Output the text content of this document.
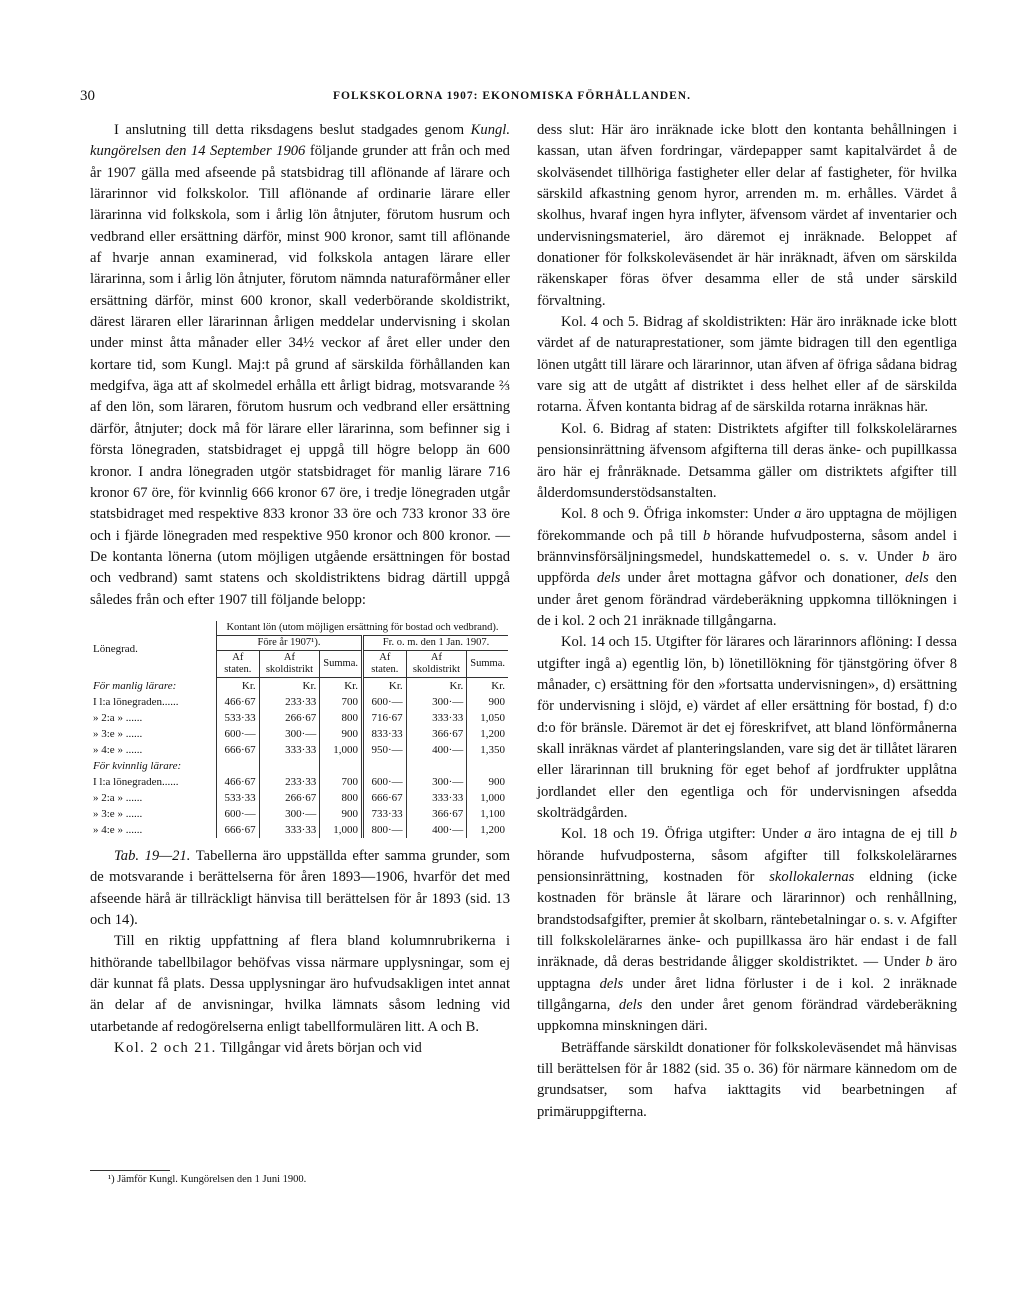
30	FOLKSKOLORNA 1907: EKONOMISKA FÖRHÅLLANDEN.

I anslutning till detta riksdagens beslut stadgades genom Kungl. kungörelsen den 14 September 1906 följande grunder att från och med år 1907 gälla med afseende på statsbidrag till aflönande af lärare och lärarinnor vid folkskolor. Till aflönande af ordinarie lärare eller lärarinna vid folkskola, som i årlig lön åtnjuter, förutom husrum och vedbrand eller ersättning därför, minst 900 kronor, samt till aflönande af hvarje annan examinerad, vid folkskola antagen lärare eller lärarinna, som i årlig lön åtnjuter, förutom nämnda naturaförmåner eller ersättning därför, minst 600 kronor, skall vederbörande skoldistrikt, därest läraren eller lärarinnan årligen meddelar undervisning i skolan under minst åtta månader eller 34½ veckor af året eller under den kortare tid, som Kungl. Maj:t på grund af särskilda förhållanden kan medgifva, äga att af skolmedel erhålla ett årligt bidrag, motsvarande ⅔ af den lön, som läraren, förutom husrum och vedbrand eller ersättning därför, åtnjuter; dock må för lärare eller lärarinna, som befinner sig i första lönegraden, statsbidraget ej uppgå till högre belopp än 600 kronor. I andra lönegraden utgör statsbidraget för manlig lärare 716 kronor 67 öre, för kvinnlig 666 kronor 67 öre, i tredje lönegraden utgår statsbidraget med respektive 833 kronor 33 öre och 733 kronor 33 öre och i fjärde lönegraden med respektive 950 kronor och 800 kronor. — De kontanta lönerna (utom möjligen utgående ersättningen för bostad och vedbrand) samt statens och skoldistriktens bidrag därtill uppgå således från och efter 1907 till följande belopp:

Lönegrad.	Kontant lön (utom möjligen ersättning för bostad och vedbrand).					
	Före år 1907¹).			Fr. o. m. den 1 Jan. 1907.		
	Af staten.	Af skoldistrikt	Summa.	Af staten.	Af skoldistrikt	Summa.
För manlig lärare:	Kr.	Kr.	Kr.	Kr.	Kr.	Kr.
I l:a lönegraden......	466·67	233·33	700	600·—	300·—	900
» 2:a » ......	533·33	266·67	800	716·67	333·33	1,050
» 3:e » ......	600·—	300·—	900	833·33	366·67	1,200
» 4:e » ......	666·67	333·33	1,000	950·—	400·—	1,350
För kvinnlig lärare:						
I l:a lönegraden......	466·67	233·33	700	600·—	300·—	900
» 2:a » ......	533·33	266·67	800	666·67	333·33	1,000
» 3:e » ......	600·—	300·—	900	733·33	366·67	1,100
» 4:e » ......	666·67	333·33	1,000	800·—	400·—	1,200

Tab. 19—21. Tabellerna äro uppställda efter samma grunder, som de motsvarande i berättelserna för åren 1893—1906, hvarför det med afseende härå är tillräckligt hänvisa till berättelsen för år 1893 (sid. 13 och 14).

Till en riktig uppfattning af flera bland kolumnrubrikerna i hithörande tabellbilagor behöfvas vissa närmare upplysningar, som ej där kunnat få plats. Dessa upplysningar äro hufvudsakligen intet annat än delar af de anvisningar, hvilka lämnats såsom ledning vid utarbetande af redogörelserna enligt tabellformulären litt. A och B.

Kol. 2 och 21. Tillgångar vid årets början och vid

dess slut: Här äro inräknade icke blott den kontanta behållningen i kassan, utan äfven fordringar, värdepapper samt kapitalvärdet å de skolväsendet tillhöriga fastigheter eller delar af fastigheter, för hvilka särskild afkastning genom hyror, arrenden m. m. erhålles. Värdet å skolhus, hvaraf ingen hyra inflyter, äfvensom värdet af inventarier och undervisningsmateriel, äro däremot ej inräknade. Beloppet af donationer för folkskoleväsendet är här inräknadt, äfven om särskilda räkenskaper föras öfver desamma eller de stå under särskild förvaltning.

Kol. 4 och 5. Bidrag af skoldistrikten: Här äro inräknade icke blott värdet af de naturaprestationer, som jämte bidragen till den egentliga lönen utgått till lärare och lärarinnor, utan äfven af öfriga sådana bidrag vare sig att de utgått af distriktet i dess helhet eller af de särskilda rotarna. Äfven kontanta bidrag af de särskilda rotarna inräknas här.

Kol. 6. Bidrag af staten: Distriktets afgifter till folkskolelärarnes pensionsinrättning äfvensom afgifterna till deras änke- och pupillkassa äro här ej frånräknade. Detsamma gäller om distriktets afgifter till ålderdomsunderstödsanstalten.

Kol. 8 och 9. Öfriga inkomster: Under a äro upptagna de möjligen förekommande och på till b hörande hufvudposterna, såsom andel i brännvinsförsäljningsmedel, hundskattemedel o. s. v. Under b äro uppförda dels under året mottagna gåfvor och donationer, dels den under året genom förändrad värdeberäkning uppkomna tillökningen i de i kol. 2 och 21 inräknade tillgångarna.

Kol. 14 och 15. Utgifter för lärares och lärarinnors aflöning: I dessa utgifter ingå a) egentlig lön, b) lönetillökning för tjänstgöring öfver 8 månader, c) ersättning för den »fortsatta undervisningen», d) ersättning för undervisning i slöjd, e) värdet af eller ersättning för bostad, f) d:o d:o för bränsle. Däremot är det ej föreskrifvet, att bland lönförmånerna skall inräknas värdet af planteringslanden, vare sig det är tillåtet läraren eller lärarinnan till brukning för eget behof af jordfrukter upplåtna jordlandet eller den egentliga och för undervisningen afsedda skolträdgården.

Kol. 18 och 19. Öfriga utgifter: Under a äro intagna de ej till b hörande hufvudposterna, såsom afgifter till folkskolelärarnes pensionsinrättning, kostnaden för skollokalernas eldning (icke kostnaden för bränsle åt lärare och lärarinnor) och renhållning, brandstodsafgifter, premier åt skolbarn, räntebetalningar o. s. v. Afgifter till folkskolelärarnes änke- och pupillkassa äro här endast i de fall inräknade, då deras bestridande åligger skoldistriktet. — Under b äro upptagna dels under året lidna förluster i de i kol. 2 inräknade tillgångarna, dels den under året genom förändrad värdeberäkning uppkomna minskningen däri.

Beträffande särskildt donationer för folkskoleväsendet må hänvisas till berättelsen för år 1882 (sid. 35 o. 36) för närmare kännedom om de grundsatser, som hafva iakttagits vid bearbetningen af primäruppgifterna.

¹) Jämför Kungl. Kungörelsen den 1 Juni 1900.
